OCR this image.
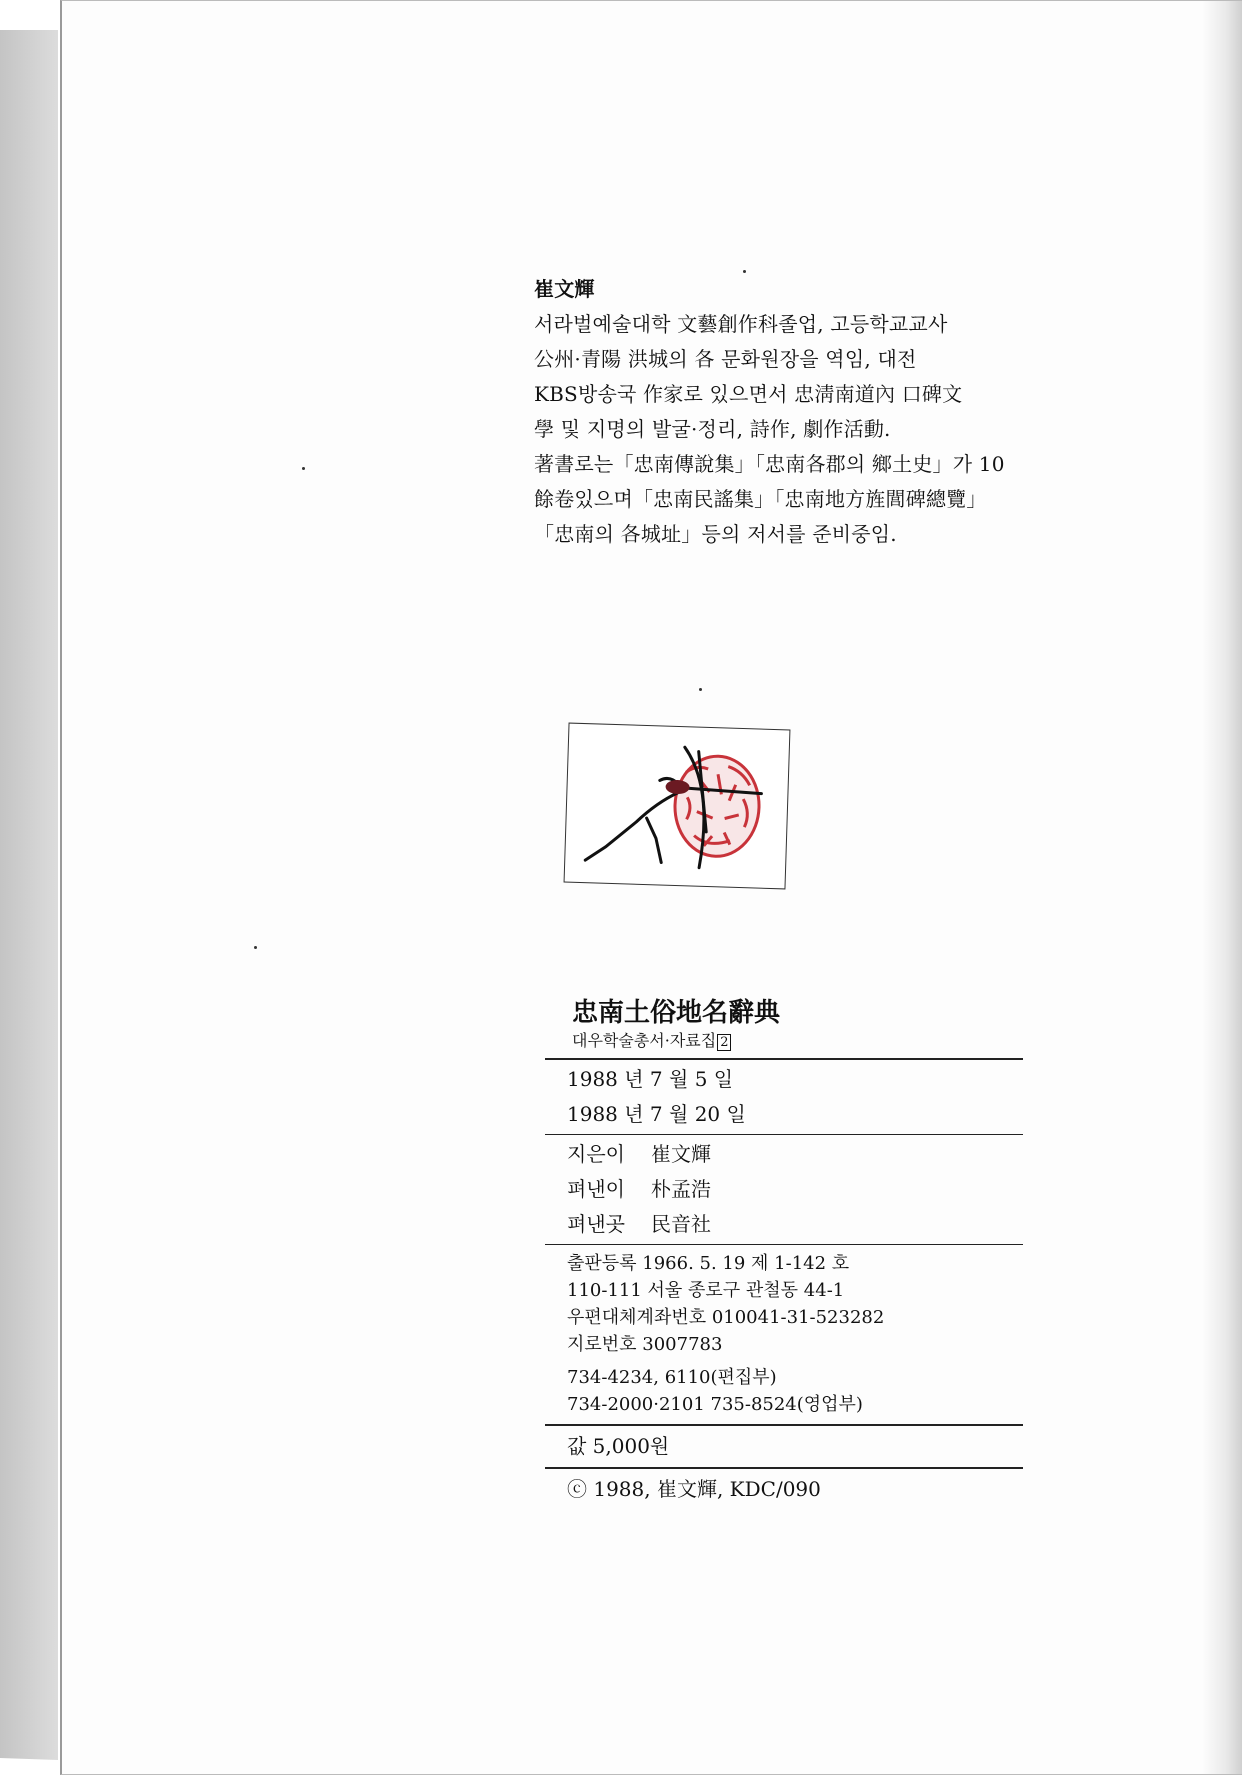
崔文輝
서라벌예술대학 文藝創作科졸업, 고등학교교사
公州·青陽 洪城의 各 문화원장을 역임, 대전
KBS방송국 作家로 있으면서 忠淸南道內 口碑文
學 및 지명의 발굴·정리, 詩作, 劇作活動.
著書로는「忠南傳說集」「忠南各郡의 鄉土史」가 10
餘卷있으며「忠南民謠集」「忠南地方旌閭碑總覽」
「忠南의 各城址」등의 저서를 준비중임.
忠南土俗地名辭典
대우학술총서·자료집 2
1988 년 7 월 5 일
1988 년 7 월 20 일
지은이 崔文輝
펴낸이 朴孟浩
펴낸곳 民音社
출판등록 1966. 5. 19 제 1-142 호
110-111 서울 종로구 관철동 44-1
우편대체계좌번호 010041-31-523282
지로번호 3007783
734-4234, 6110(편집부)
734-2000·2101 735-8524(영업부)
값 5,000원
ⓒ 1988, 崔文輝, KDC/090
